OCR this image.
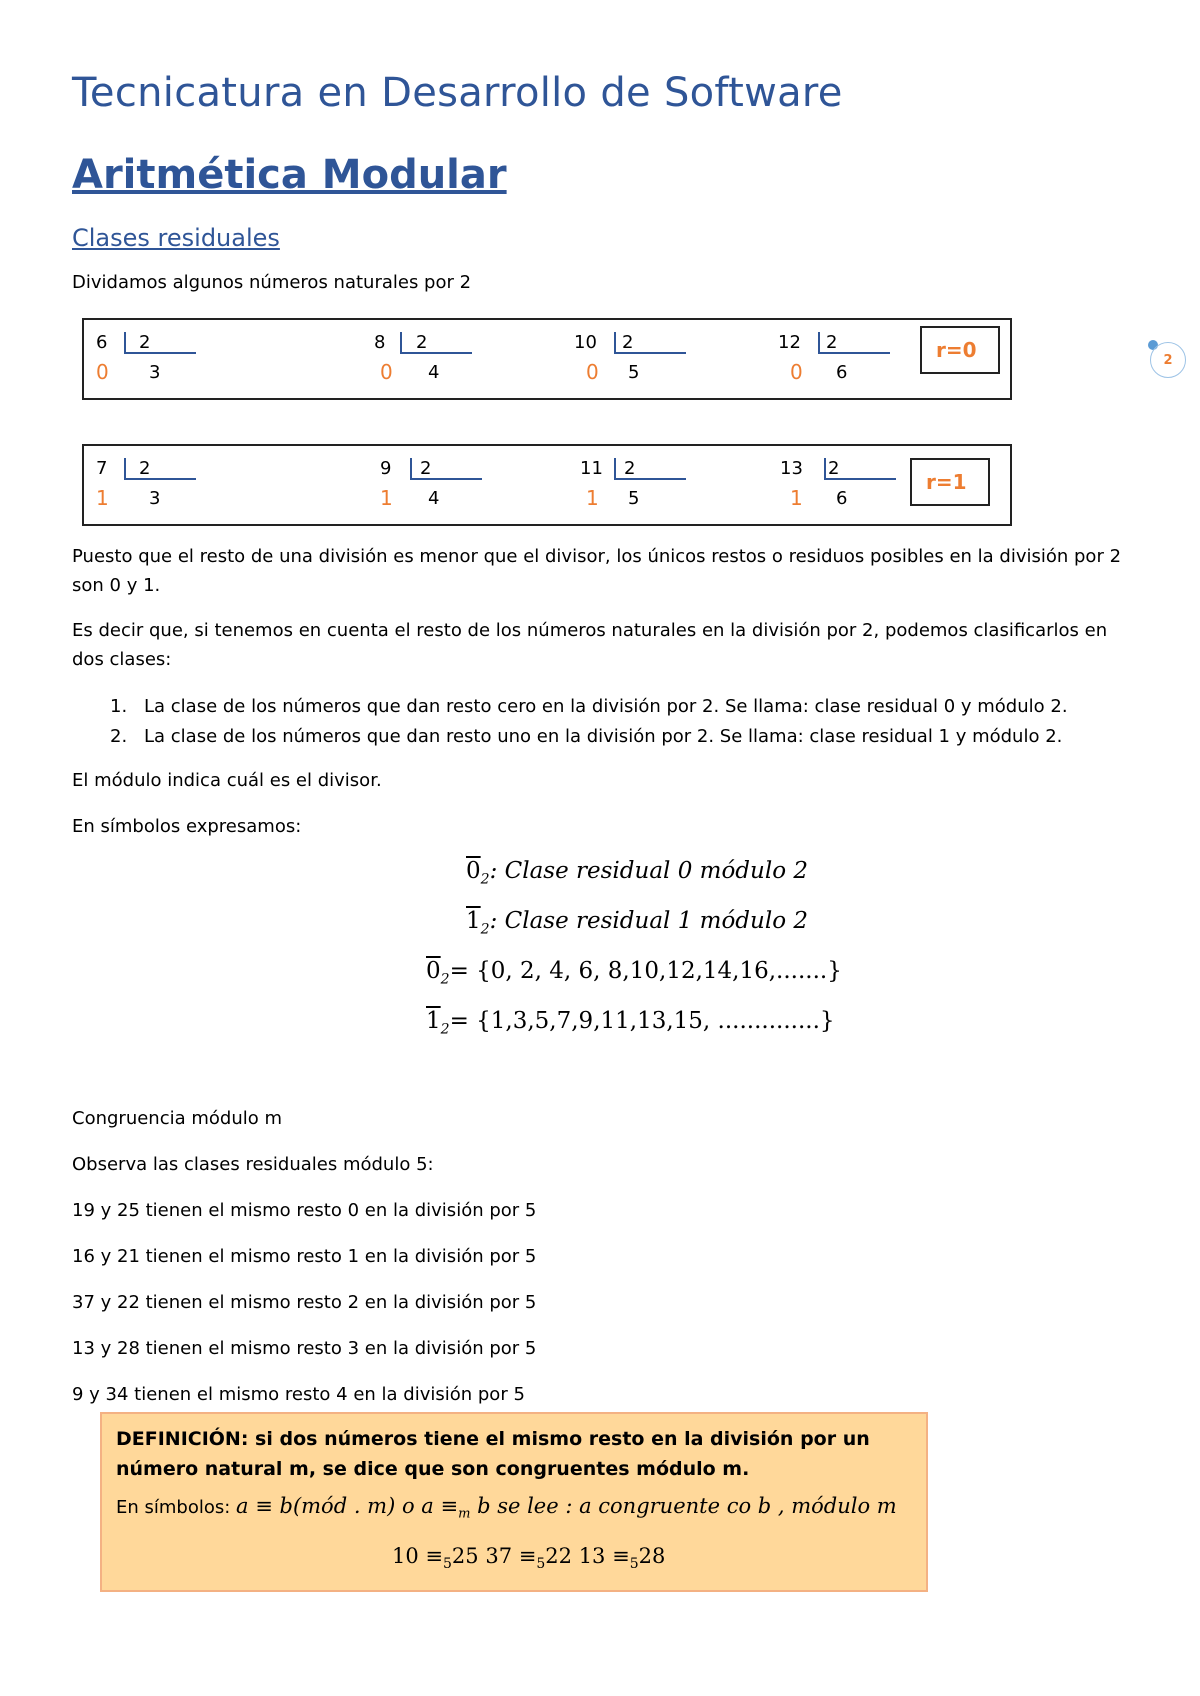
Tecnicatura en Desarrollo de Software
Aritmética Modular
Clases residuales
Dividamos algunos números naturales por 2
2
6 2
0 3
8 2
0 4
10 2
0 5
12 2
0 6
r=0
7 2
1 3
9 2
1 4
11 2
1 5
13 2
1 6
r=1
Puesto que el resto de una división es menor que el divisor, los únicos restos o residuos posibles en la división por 2 son 0 y 1.
Es decir que, si tenemos en cuenta el resto de los números naturales en la división por 2, podemos clasificarlos en dos clases:
1. La clase de los números que dan resto cero en la división por 2. Se llama: clase residual 0 y módulo 2.
2. La clase de los números que dan resto uno en la división por 2. Se llama: clase residual 1 y módulo 2.
El módulo indica cuál es el divisor.
En símbolos expresamos:
$0_2$: Clase residual 0 módulo 2
$1_2$: Clase residual 1 módulo 2
$0_2= \{0$, 2, 4, 6, 8,10,12,14,16,.......}
$1_2= \{1,3,5,7,9,11,13,15$, ..............}
Congruencia módulo m
Observa las clases residuales módulo 5:
19 y 25 tienen el mismo resto 0 en la división por 5
16 y 21 tienen el mismo resto 1 en la división por 5
37 y 22 tienen el mismo resto 2 en la división por 5
13 y 28 tienen el mismo resto 3 en la división por 5
9 y 34 tienen el mismo resto 4 en la división por 5
DEFINICIÓN: si dos números tiene el mismo resto en la división por un número natural m, se dice que son congruentes módulo m.
En símbolos: a ≡ b(mód . m) o $a \equiv_m$ b se lee : a congruente co b , módulo m
$10 \equiv_525$ $37 \equiv_522$ $13 \equiv_528$
